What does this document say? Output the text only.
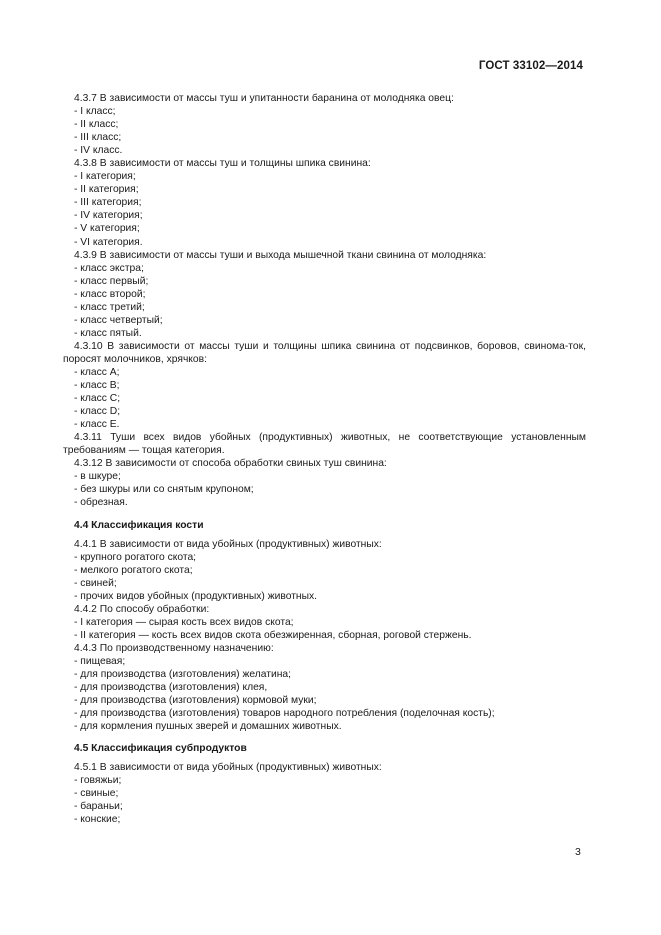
ГОСТ 33102—2014
4.3.7 В зависимости от массы туш и упитанности баранина от молодняка овец:
- I класс;
- II класс;
- III класс;
- IV класс.
4.3.8 В зависимости от массы туш и толщины шпика свинина:
- I категория;
- II категория;
- III категория;
- IV категория;
- V категория;
- VI категория.
4.3.9 В зависимости от массы туши и выхода мышечной ткани свинина от молодняка:
- класс экстра;
- класс первый;
- класс второй;
- класс третий;
- класс четвертый;
- класс пятый.
4.3.10 В зависимости от массы туши и толщины шпика свинина от подсвинков, боровов, свинома-ток, поросят молочников, хрячков:
- класс А;
- класс В;
- класс С;
- класс D;
- класс Е.
4.3.11 Туши всех видов убойных (продуктивных) животных, не соответствующие установленным требованиям — тощая категория.
4.3.12 В зависимости от способа обработки свиных туш свинина:
- в шкуре;
- без шкуры или со снятым крупоном;
- обрезная.
4.4 Классификация кости
4.4.1 В зависимости от вида убойных (продуктивных) животных:
- крупного рогатого скота;
- мелкого рогатого скота;
- свиней;
- прочих видов убойных (продуктивных) животных.
4.4.2 По способу обработки:
- I категория — сырая кость всех видов скота;
- II категория — кость всех видов скота обезжиренная, сборная, роговой стержень.
4.4.3 По производственному назначению:
- пищевая;
- для производства (изготовления) желатина;
- для производства (изготовления) клея,
- для производства (изготовления) кормовой муки;
- для производства (изготовления) товаров народного потребления (поделочная кость);
- для кормления пушных зверей и домашних животных.
4.5 Классификация субпродуктов
4.5.1 В зависимости от вида убойных (продуктивных) животных:
- говяжьи;
- свиные;
- бараньи;
- конские;
3
